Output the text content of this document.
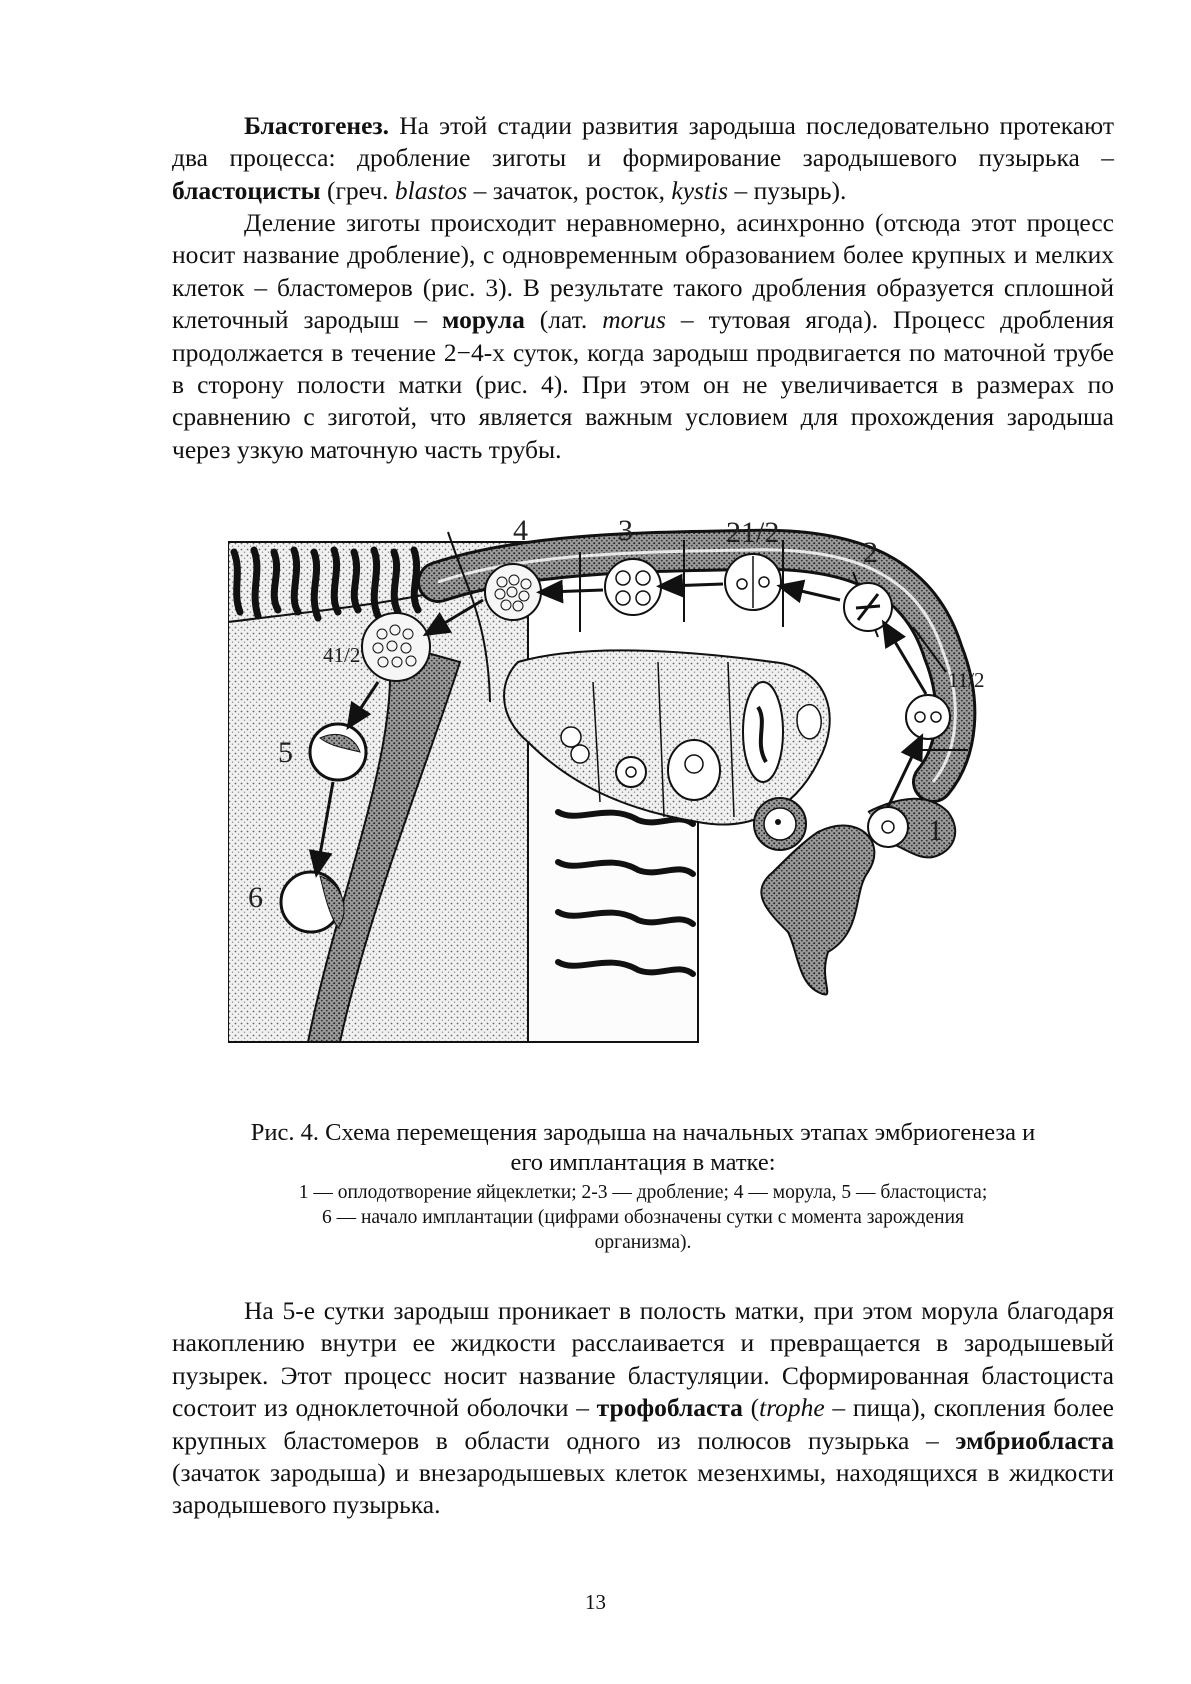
Бластогенез. На этой стадии развития зародыша последовательно протекают два процесса: дробление зиготы и формирование зародышевого пузырька – бластоцисты (греч. blastos – зачаток, росток, kystis – пузырь).

Деление зиготы происходит неравномерно, асинхронно (отсюда этот процесс носит название дробление), с одновременным образованием более крупных и мелких клеток – бластомеров (рис. 3). В результате такого дробления образуется сплошной клеточный зародыш – морула (лат. morus – тутовая ягода). Процесс дробления продолжается в течение 2−4-х суток, когда зародыш продвигается по маточной трубе в сторону полости матки (рис. 4). При этом он не увеличивается в размерах по сравнению с зиготой, что является важным условием для прохождения зародыша через узкую маточную часть трубы.

1
11/2
2
21/2
3
4
41/2
5
6

Рис. 4. Схема перемещения зародыша на начальных этапах эмбриогенеза и
его имплантация в матке:

1 — оплодотворение яйцеклетки; 2-3 — дробление; 4 — морула, 5 — бластоциста;
6 — начало имплантации (цифрами обозначены сутки с момента зарождения
организма).

На 5-е сутки зародыш проникает в полость матки, при этом морула благодаря накоплению внутри ее жидкости расслаивается и превращается в зародышевый пузырек. Этот процесс носит название бластуляции. Сформированная бластоциста состоит из одноклеточной оболочки – трофобласта (trophe – пища), скопления более крупных бластомеров в области одного из полюсов пузырька – эмбриобласта (зачаток зародыша) и внезародышевых клеток мезенхимы, находящихся в жидкости зародышевого пузырька.

13
